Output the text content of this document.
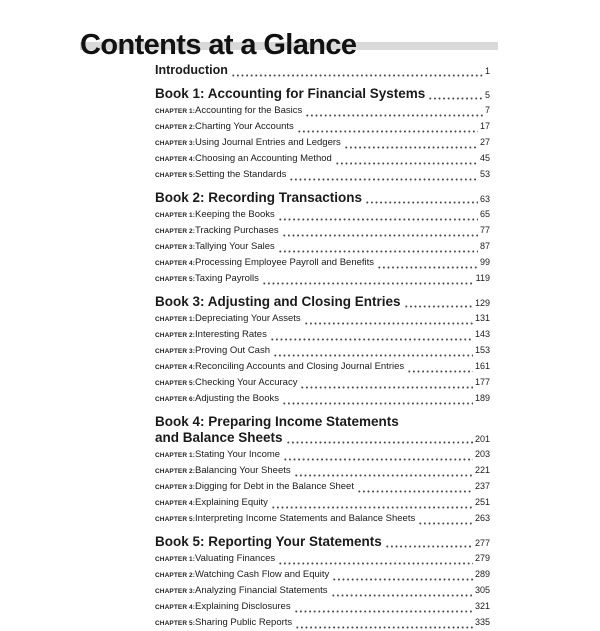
Contents at a Glance
Introduction	1
Book 1: Accounting for Financial Systems	5
CHAPTER 1: Accounting for the Basics	7
CHAPTER 2: Charting Your Accounts	17
CHAPTER 3: Using Journal Entries and Ledgers	27
CHAPTER 4: Choosing an Accounting Method	45
CHAPTER 5: Setting the Standards	53
Book 2: Recording Transactions	63
CHAPTER 1: Keeping the Books	65
CHAPTER 2: Tracking Purchases	77
CHAPTER 3: Tallying Your Sales	87
CHAPTER 4: Processing Employee Payroll and Benefits	99
CHAPTER 5: Taxing Payrolls	119
Book 3: Adjusting and Closing Entries	129
CHAPTER 1: Depreciating Your Assets	131
CHAPTER 2: Interesting Rates	143
CHAPTER 3: Proving Out Cash	153
CHAPTER 4: Reconciling Accounts and Closing Journal Entries	161
CHAPTER 5: Checking Your Accuracy	177
CHAPTER 6: Adjusting the Books	189
Book 4: Preparing Income Statements
and Balance Sheets	201
CHAPTER 1: Stating Your Income	203
CHAPTER 2: Balancing Your Sheets	221
CHAPTER 3: Digging for Debt in the Balance Sheet	237
CHAPTER 4: Explaining Equity	251
CHAPTER 5: Interpreting Income Statements and Balance Sheets	263
Book 5: Reporting Your Statements	277
CHAPTER 1: Valuating Finances	279
CHAPTER 2: Watching Cash Flow and Equity	289
CHAPTER 3: Analyzing Financial Statements	305
CHAPTER 4: Explaining Disclosures	321
CHAPTER 5: Sharing Public Reports	335
